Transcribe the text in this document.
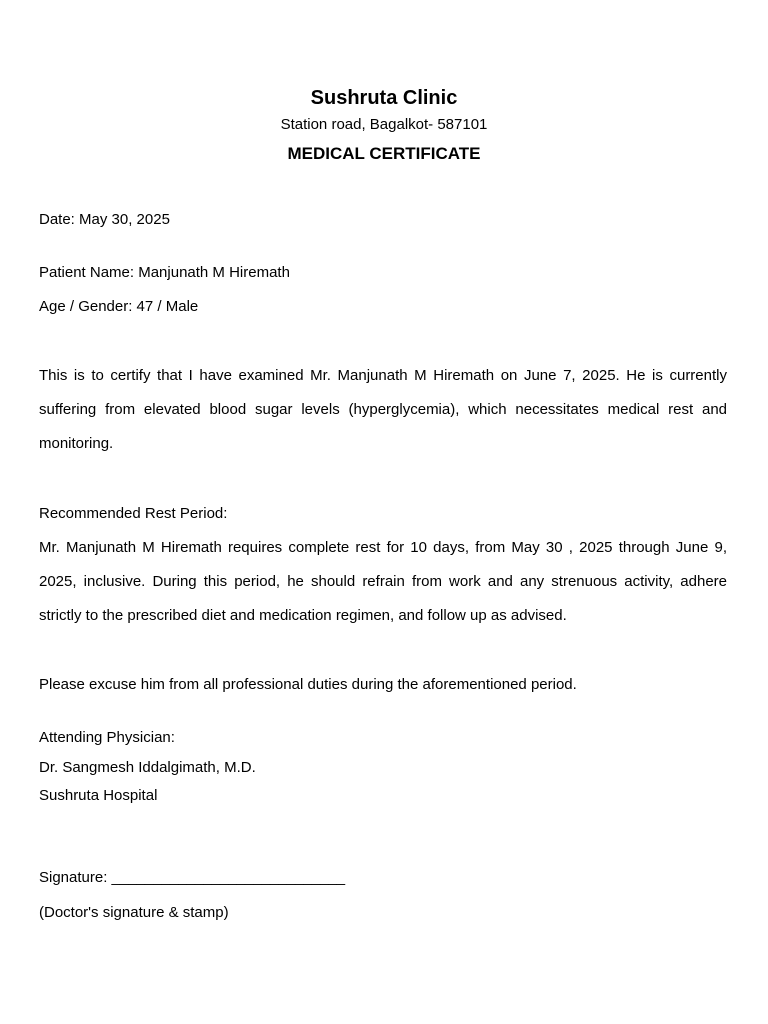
Sushruta Clinic
Station road, Bagalkot- 587101
MEDICAL CERTIFICATE
Date: May 30, 2025
Patient Name: Manjunath M Hiremath
Age / Gender: 47 / Male
This is to certify that I have examined Mr. Manjunath M Hiremath on June 7, 2025. He is currently suffering from elevated blood sugar levels (hyperglycemia), which necessitates medical rest and monitoring.
Recommended Rest Period:
Mr. Manjunath M Hiremath requires complete rest for 10 days, from May 30 , 2025 through June 9, 2025, inclusive. During this period, he should refrain from work and any strenuous activity, adhere strictly to the prescribed diet and medication regimen, and follow up as advised.
Please excuse him from all professional duties during the aforementioned period.
Attending Physician:
Dr. Sangmesh Iddalgimath, M.D.
Sushruta Hospital
Signature: ____________________________
(Doctor's signature & stamp)
